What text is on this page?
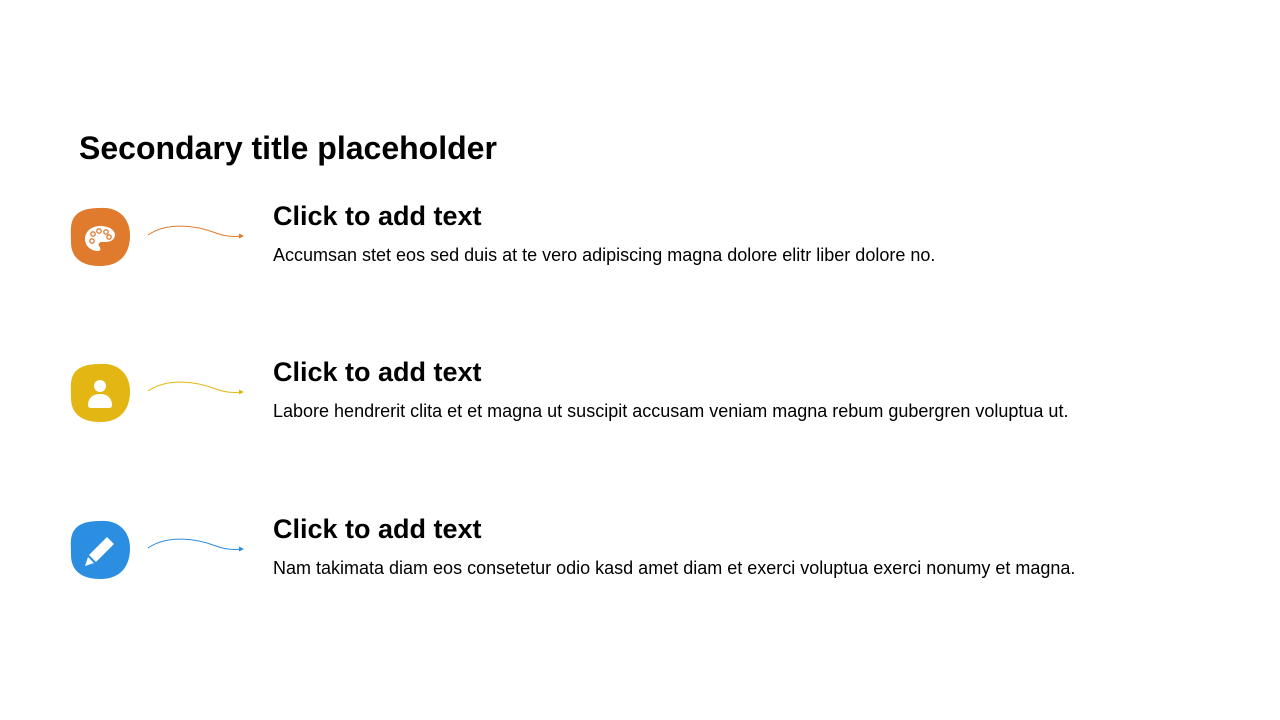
Secondary title placeholder
Click to add text

Accumsan stet eos sed duis at te vero adipiscing magna dolore elitr liber dolore no.

Click to add text

Labore hendrerit clita et et magna ut suscipit accusam veniam magna rebum gubergren voluptua ut.

Click to add text

Nam takimata diam eos consetetur odio kasd amet diam et exerci voluptua exerci nonumy et magna.
